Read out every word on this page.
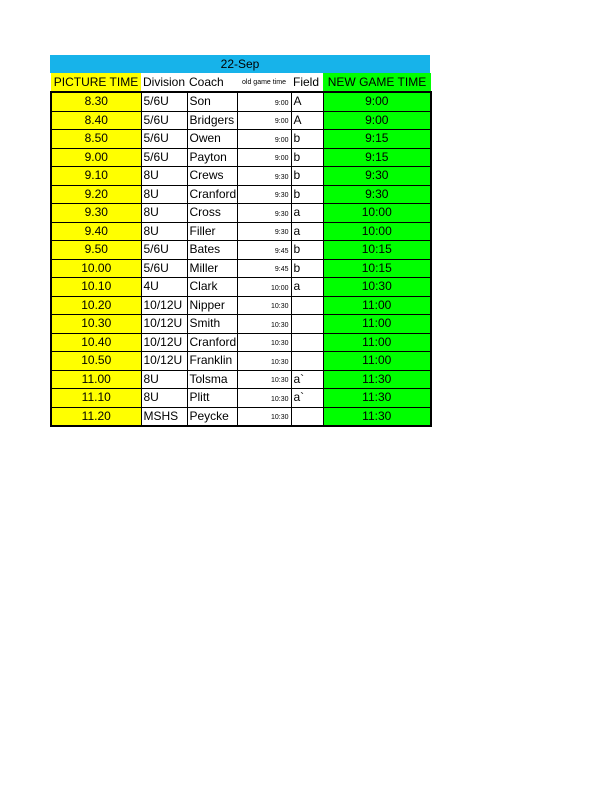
22-Sep
PICTURE TIME	Division	Coach	old game time	Field	NEW GAME TIME
8.30	5/6U	Son	9:00	A	9:00
8.40	5/6U	Bridgers	9:00	A	9:00
8.50	5/6U	Owen	9:00	b	9:15
9.00	5/6U	Payton	9:00	b	9:15
9.10	8U	Crews	9:30	b	9:30
9.20	8U	Cranford	9:30	b	9:30
9.30	8U	Cross	9:30	a	10:00
9.40	8U	Filler	9:30	a	10:00
9.50	5/6U	Bates	9:45	b	10:15
10.00	5/6U	Miller	9:45	b	10:15
10.10	4U	Clark	10:00	a	10:30
10.20	10/12U	Nipper	10:30		11:00
10.30	10/12U	Smith	10:30		11:00
10.40	10/12U	Cranford	10:30		11:00
10.50	10/12U	Franklin	10:30		11:00
11.00	8U	Tolsma	10:30	a`	11:30
11.10	8U	Plitt	10:30	a`	11:30
11.20	MSHS	Peycke	10:30		11:30
